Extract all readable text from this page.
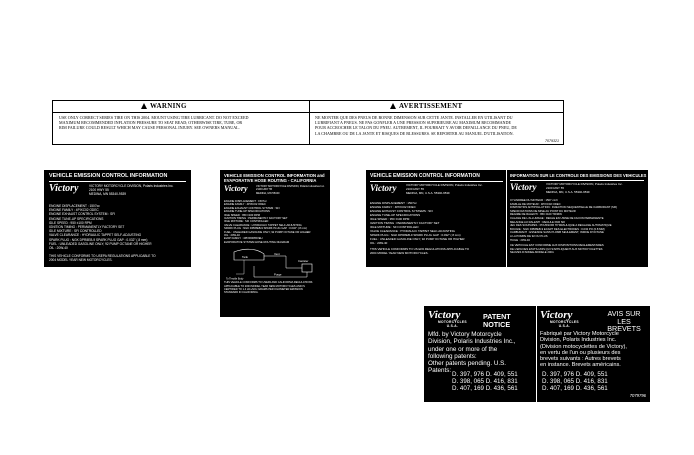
WARNING	AVERTISSEMENT
USE ONLY CORRECT SERIES TIRE ON THIS 2004. MOUNT USING TIRE LUBRICANT. DO NOT EXCEED
MAXIMUM RECOMMENDED INFLATION PRESSURE TO SEAT BEAD; OTHERWISE TIRE, TUBE, OR
RIM FAILURE COULD RESULT WHICH MAY CAUSE PERSONAL INJURY. SEE OWNERS MANUAL.
NE MONTER QUE DES PNEUS DE BONNE DIMENSION SUR CETTE JANTE. INSTALLER EN UTILISANT DU
LUBRIFIANT A PNEUS. NE PAS GONFLER A UNE PRESSION SUPERIEURE AU MAXIMUM RECOMMANDE
POUR ACCROCHER LE TALON DU PNEU. AUTREMENT, IL POURRAIT Y AVOIR DEFAILLANCE DU PNEU, DE
LA CHAMBRE OU DE LA JANTE ET RISQUES DE BLESSURES. SE REPORTER AU MANUEL D'UTILISATION.
7079321
VEHICLE EMISSION CONTROL INFORMATION
Victory	VICTORY MOTORCYCLE DIVISION, Polaris Industries Inc.
2100 HWY 55
MEDINA, MN 55340-9539
ENGINE DISPLACEMENT : 1507cc
ENGINE FAMILY : 4PIXC02 ODEC
ENGINE EXHAUST CONTROL SYSTEM : SFI
ENGINE TUNE-UP SPECIFICATIONS
IDLE SPEED : 950 ±100 RPM
IGNITION TIMING : PERMANENTLY FACTORY SET
IDLE MIXTURE : SFI CONTROLLED
VALVE CLEARANCE : HYDRAULIC TAPPET SELF-ADJUSTING
SPARK PLUG : NGK DPR8EB-9 SPARK PLUG GAP : 0.032" (.8 mm)
FUEL : UNLEADED GASOLINE ONLY; 92 PUMP OCTANE OR HIGHER
OIL : 20W-40
THIS VEHICLE CONFORMS TO USEPA REGULATIONS APPLICABLE TO
2004 MODEL YEAR NEW MOTORCYCLES.
VEHICLE EMISSION CONTROL INFORMATION and
EVAPORATIVE HOSE ROUTING - CALIFORNIA
Victory	VICTORY MOTORCYCLE DIVISION, Polaris Industries Inc.
2100 HWY 55
MEDINA, MN 55340
ENGINE DISPLACEMENT : 1507cc
ENGINE FAMILY : 4PIXC02 ODEC
ENGINE EXHAUST CONTROL SYSTEM : SFI
ENGINE TUNE-UP SPECIFICATIONS
IDLE SPEED : 950 ±100 RPM
IGNITION TIMING : PERMANENTLY FACTORY SET
IDLE MIXTURE : SFI CONTROLLED
VALVE CLEARANCE : HYDRAULIC TAPPET SELF-ADJUSTING
SPARK PLUG : NGK DPR8EB-9 SPARK PLUG GAP : 0.032" (.8 mm)
FUEL : UNLEADED GASOLINE ONLY; 92 PUMP OCTANE OR HIGHER
OIL : 20W-40
EVAP FAMILY : 4PIXR0065VEH
EVAPORATIVE SYSTEM HOSE ROUTING DIAGRAM
Tank
Vent
Purge
Canister
To Throttle Body
THIS VEHICLE CONFORMS TO USEPA AND CALIFORNIA REGULATIONS
APPLICABLE TO 2004 MODEL YEAR NEW MOTORCYCLES AND IS
CERTIFIED TO 1.4 HC+NOx GRAMS PER KILOMETER EMISSION
STANDARD IN CALIFORNIA.
VEHICLE EMISSION CONTROL INFORMATION
Victory	VICTORY MOTORCYCLE DIVISION, Polaris Industries Inc.
2100 HWY 55
MEDINA, MN, U.S.A. 55340-9539
ENGINE DISPLACEMENT : 1507cc
ENGINE FAMILY : 4PIXC02 ODEC
ENGINE EXHAUST CONTROL SYSTEMS : SFI
ENGINE TUNE-UP SPECIFICATIONS
IDLE SPEED : 950 ±100 RPM
IGNITION TIMING : PERMANENTLY FACTORY SET
IDLE MIXTURE : SFI CONTROLLED
VALVE CLEARANCE : HYDRAULIC TAPPET SELF-ADJUSTING
SPARK PLUG : NGK DPR8EB-9 SPARK PLUG GAP : 0.032" (.8 mm)
FUEL : UNLEADED GASOLINE ONLY; 92 PUMP OCTANE OR HIGHER
OIL : 20W-40
THIS VEHICLE CONFORMS TO US EPA REGULATIONS APPLICABLE TO
2004 MODEL YEAR NEW MOTORCYCLES.
INFORMATION SUR LE CONTROLE DES EMISSIONS DES VEHICULES
Victory	VICTORY MOTORCYCLE DIVISION, Polaris Industries Inc.
2100 HWY 55
MEDINA, MN, U.S.A. 55340-9539
CYLINDREE DU MOTEUR : 1507 cm3
FAMILLE DE MOTEUR : 4PIXC02 ODEC
DISPOSITIFS ANTIPOLLUTION : INJECTION SEQUENTIELLE DE CARBURANT (SFI)
SPECIFICATIONS DE MISE AU POINT DU MOTEUR
REGIME DE RALENTI : 950 ±100 TR/MIN
CALAGE DE L'ALLUMAGE : REGLE EN USINE DE FACON PERMANENTE
MELANGE AU RALENTI : REGULE PAR SFI
JEU DES SOUPAPES : POUSSOIR HYDRAULIQUE A REGLAGE AUTOMATIQUE
BOUGIE : NGK DPR8EB-9 ECART DES ELECTRODES : 0.032 PO (0.8 MM)
CARBURANT : ESSENCE SANS PLOMB SEULEMENT, INDICE D'OCTANE
A LA POMPE DE 92 OU PLUS
HUILE : 20W-40
CE VEHICULE EST CONFORME AUX DISPOSITIONS REGLEMENTAIRES
DE L'EPA DES ETATS-UNIS QUI S'APPLIQUENT AUX MOTOCYCLETTES
NEUVES D'ANNEE-MODELE 2004.
Victory
MOTORCYCLES
U.S.A.
PATENT NOTICE
Mfd. by Victory Motorcycle
Division, Polaris Industries Inc.,
under one or more of the
following patents:
Other patents pending. U.S.
Patents:
D. 397, 976 D. 409, 551
D. 398, 065 D. 416, 831
D. 407, 169 D. 436, 561
Victory
MOTORCYCLES
U.S.A.
AVIS SUR LES
BREVETS
Fabriqué par Victory Motorcycle
Division, Polaris Industries Inc.
(Division motocyclettes de Victory),
en vertu de l'un ou plusieurs des
brevets suivants : Autres brevets
en instance. Brevets américains.
D. 397, 976 D. 409, 551
D. 398, 065 D. 416, 831
D. 407, 169 D. 436, 561
7079796
